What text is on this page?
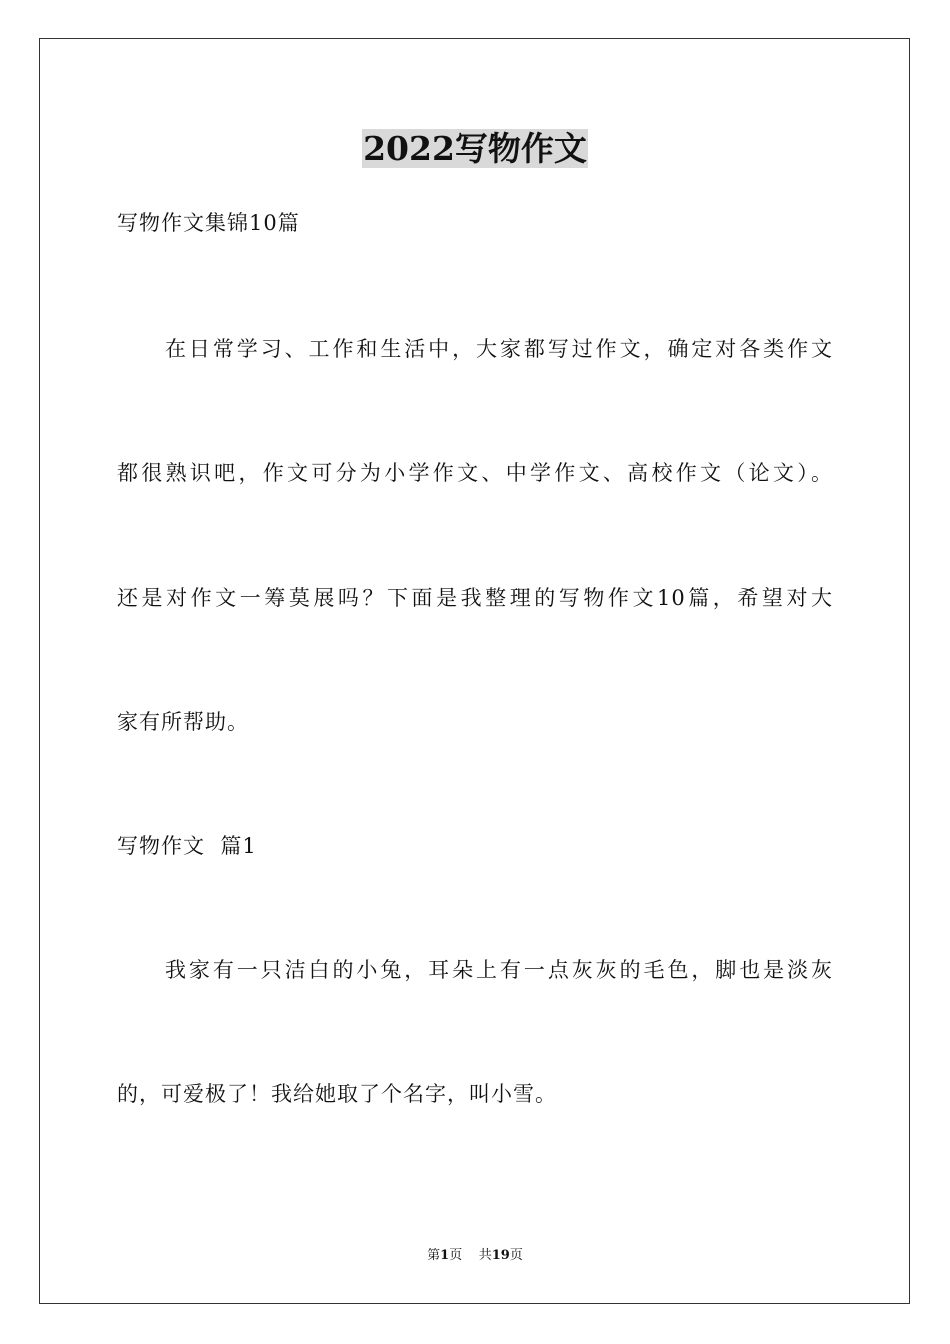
2022写物作文
写物作文集锦10篇
在日常学习、工作和生活中，大家都写过作文，确定对各类作文
都很熟识吧，作文可分为小学作文、中学作文、高校作文（论文）。
还是对作文一筹莫展吗？下面是我整理的写物作文10篇，希望对大
家有所帮助。
写物作文  篇1
我家有一只洁白的小兔，耳朵上有一点灰灰的毛色，脚也是淡灰
的，可爱极了！我给她取了个名字，叫小雪。
第1页 共19页
